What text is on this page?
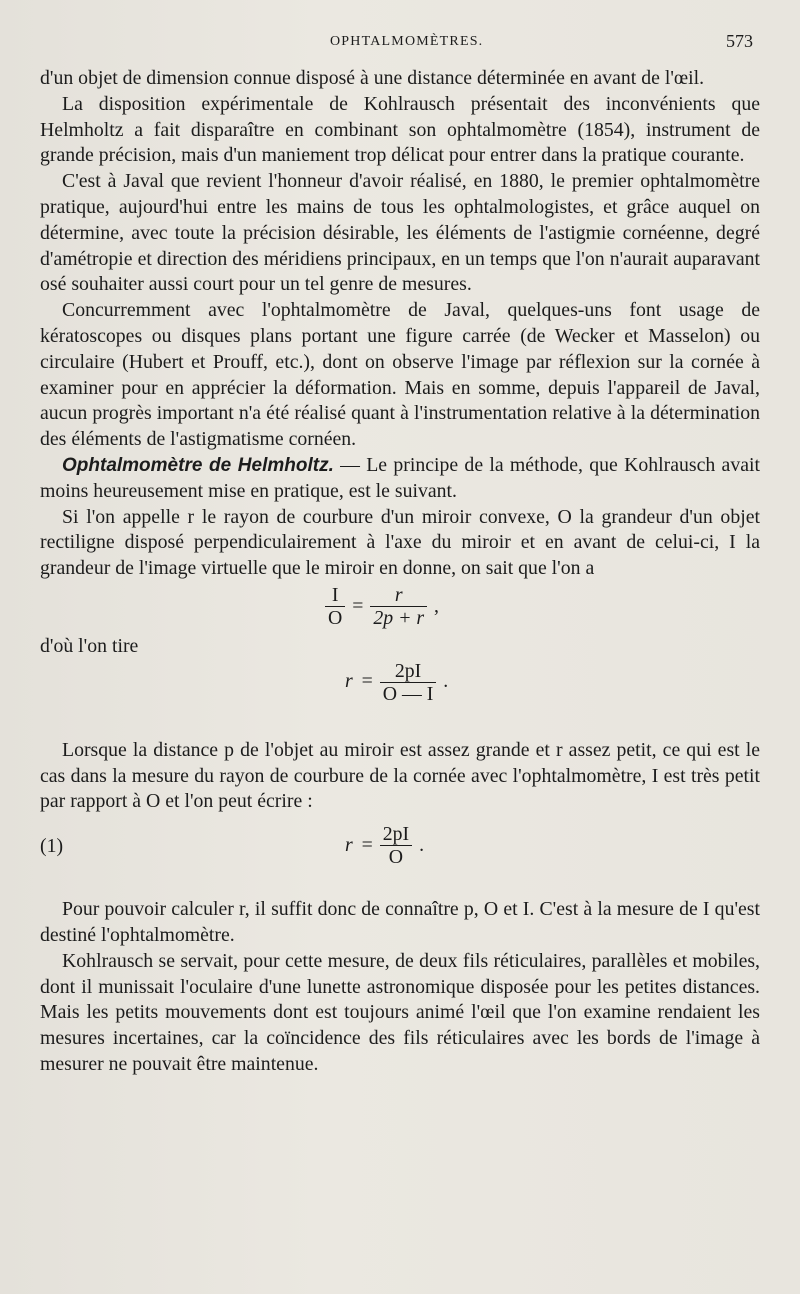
OPHTALMOMÈTRES.	573

d'un objet de dimension connue disposé à une distance déterminée en avant de l'œil.

La disposition expérimentale de Kohlrausch présentait des inconvénients que Helmholtz a fait disparaître en combinant son ophtalmomètre (1854), instrument de grande précision, mais d'un maniement trop délicat pour entrer dans la pratique courante.

C'est à Javal que revient l'honneur d'avoir réalisé, en 1880, le premier ophtalmomètre pratique, aujourd'hui entre les mains de tous les ophtalmologistes, et grâce auquel on détermine, avec toute la précision désirable, les éléments de l'astigmie cornéenne, degré d'amétropie et direction des méridiens principaux, en un temps que l'on n'aurait auparavant osé souhaiter aussi court pour un tel genre de mesures.

Concurremment avec l'ophtalmomètre de Javal, quelques-uns font usage de kératoscopes ou disques plans portant une figure carrée (de Wecker et Masselon) ou circulaire (Hubert et Prouff, etc.), dont on observe l'image par réflexion sur la cornée à examiner pour en apprécier la déformation. Mais en somme, depuis l'appareil de Javal, aucun progrès important n'a été réalisé quant à l'instrumentation relative à la détermination des éléments de l'astigmatisme cornéen.

Ophtalmomètre de Helmholtz. — Le principe de la méthode, que Kohlrausch avait moins heureusement mise en pratique, est le suivant.

Si l'on appelle r le rayon de courbure d'un miroir convexe, O la grandeur d'un objet rectiligne disposé perpendiculairement à l'axe du miroir et en avant de celui-ci, I la grandeur de l'image virtuelle que le miroir en donne, on sait que l'on a

$\frac{I}{O} = \frac{r}{2p + r}$ ,

d'où l'on tire

$r = \frac{2pI}{O — I}$ .

Lorsque la distance p de l'objet au miroir est assez grande et r assez petit, ce qui est le cas dans la mesure du rayon de courbure de la cornée avec l'ophtalmomètre, I est très petit par rapport à O et l'on peut écrire :

(1)	$r = \frac{2pI}{O}$ .

Pour pouvoir calculer r, il suffit donc de connaître p, O et I. C'est à la mesure de I qu'est destiné l'ophtalmomètre.

Kohlrausch se servait, pour cette mesure, de deux fils réticulaires, parallèles et mobiles, dont il munissait l'oculaire d'une lunette astronomique disposée pour les petites distances. Mais les petits mouvements dont est toujours animé l'œil que l'on examine rendaient les mesures incertaines, car la coïncidence des fils réticulaires avec les bords de l'image à mesurer ne pouvait être maintenue.
